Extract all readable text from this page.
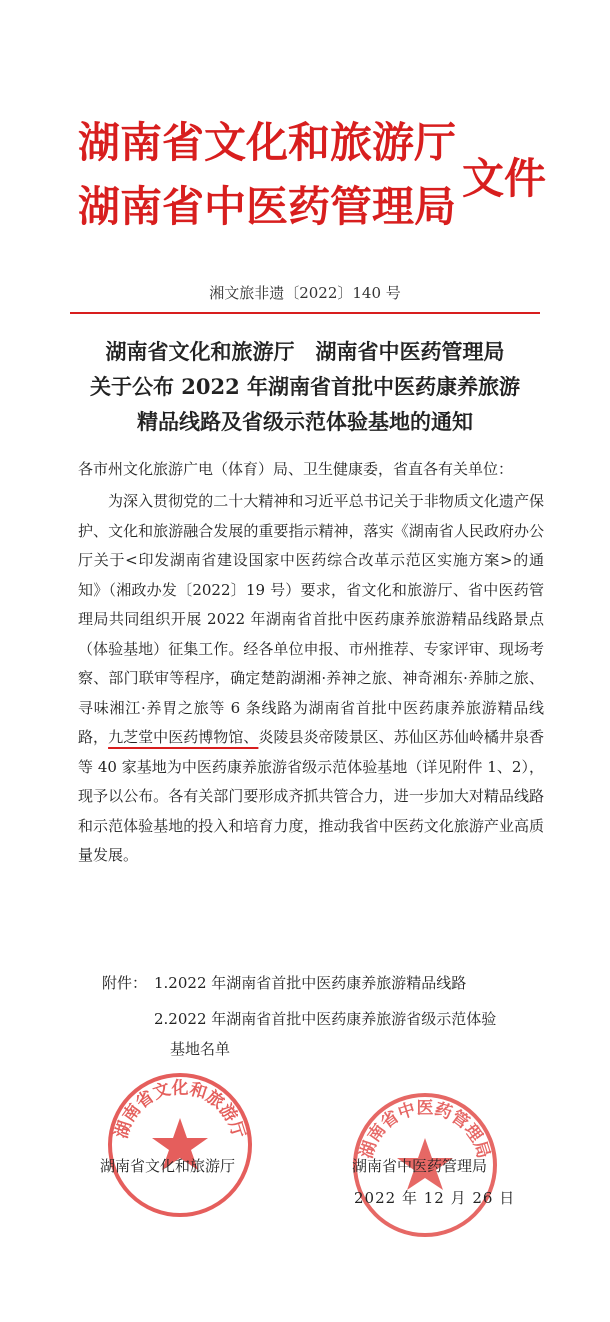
湖南省文化和旅游厅
湖南省中医药管理局
文件
湘文旅非遗〔2022〕140 号
湖南省文化和旅游厅　湖南省中医药管理局
关于公布 2022 年湖南省首批中医药康养旅游
精品线路及省级示范体验基地的通知
各市州文化旅游广电（体育）局、卫生健康委，省直各有关单位：

为深入贯彻党的二十大精神和习近平总书记关于非物质文化遗产保护、文化和旅游融合发展的重要指示精神，落实《湖南省人民政府办公厅关于<印发湖南省建设国家中医药综合改革示范区实施方案>的通知》（湘政办发〔2022〕19 号）要求，省文化和旅游厅、省中医药管理局共同组织开展 2022 年湖南省首批中医药康养旅游精品线路景点（体验基地）征集工作。经各单位申报、市州推荐、专家评审、现场考察、部门联审等程序，确定楚韵湖湘·养神之旅、神奇湘东·养肺之旅、寻味湘江·养胃之旅等 6 条线路为湖南省首批中医药康养旅游精品线路，九芝堂中医药博物馆、炎陵县炎帝陵景区、苏仙区苏仙岭橘井泉香等 40 家基地为中医药康养旅游省级示范体验基地（详见附件 1、2），现予以公布。各有关部门要形成齐抓共管合力，进一步加大对精品线路和示范体验基地的投入和培育力度，推动我省中医药文化旅游产业高质量发展。

附件： 1.2022 年湖南省首批中医药康养旅游精品线路
2.2022 年湖南省首批中医药康养旅游省级示范体验
基地名单
湖南省文化和旅游厅
湖南省中医药管理局
湖南省文化和旅游厅	湖南省中医药管理局
2022 年 12 月 26 日
